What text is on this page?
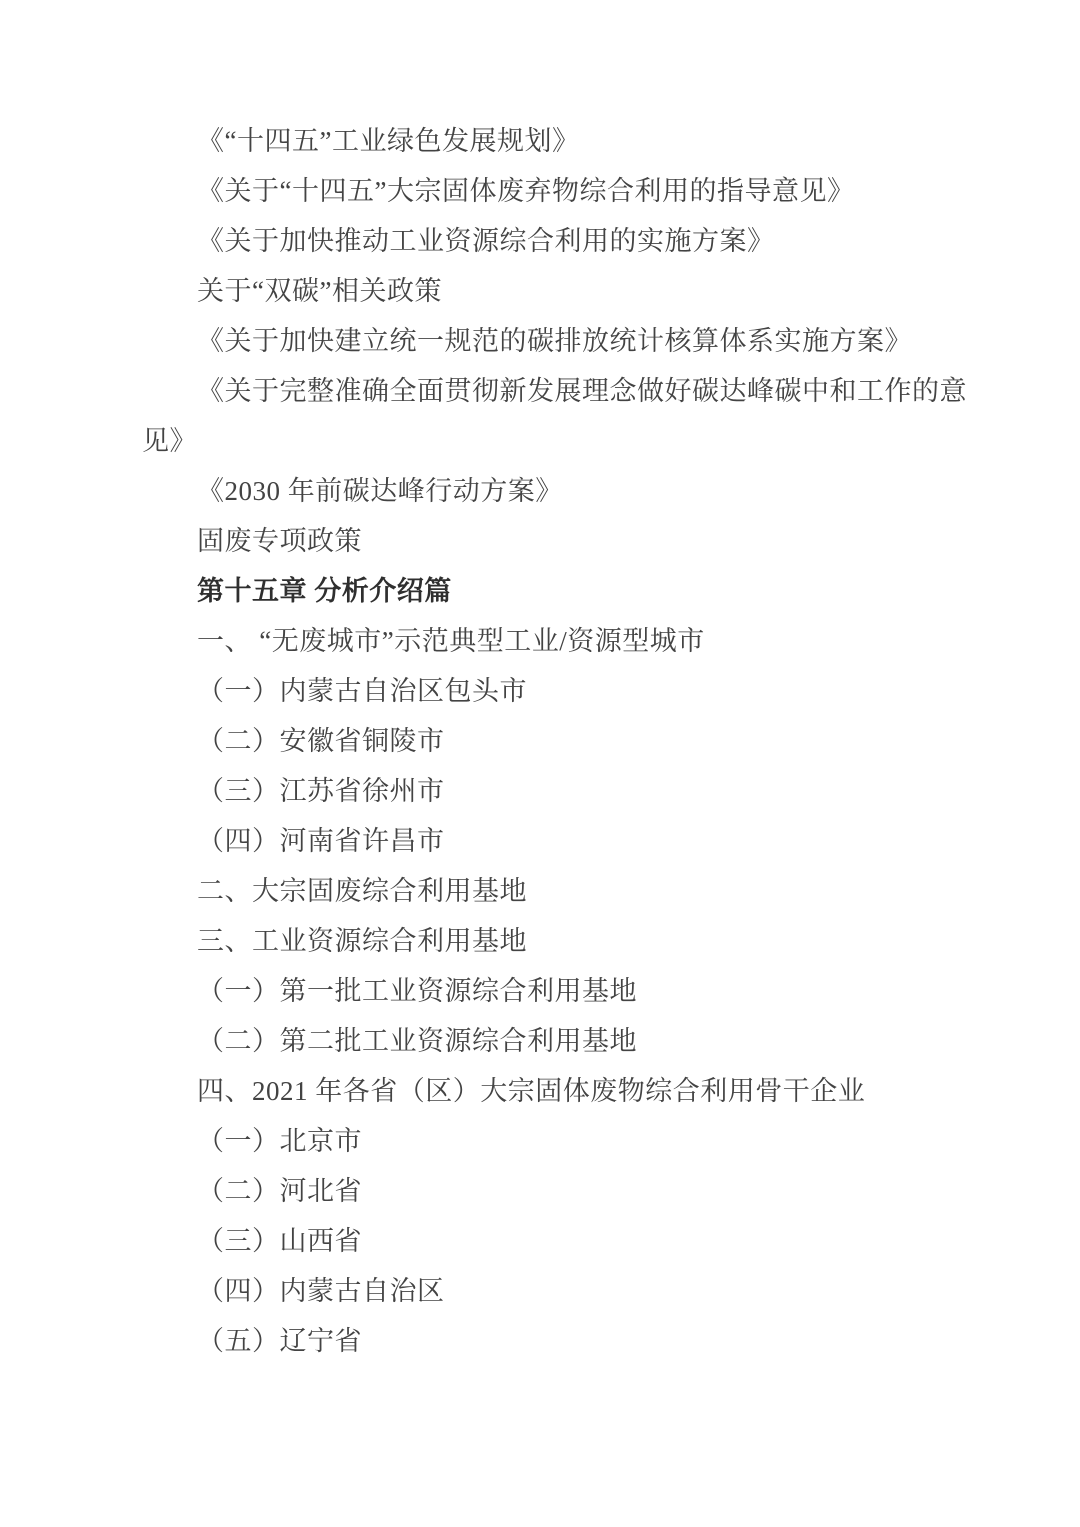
《“十四五”工业绿色发展规划》
《关于“十四五”大宗固体废弃物综合利用的指导意见》
《关于加快推动工业资源综合利用的实施方案》
关于“双碳”相关政策
《关于加快建立统一规范的碳排放统计核算体系实施方案》
《关于完整准确全面贯彻新发展理念做好碳达峰碳中和工作的意
见》
《2030 年前碳达峰行动方案》
固废专项政策
第十五章 分析介绍篇
一、 “无废城市”示范典型工业/资源型城市
（一）内蒙古自治区包头市
（二）安徽省铜陵市
（三）江苏省徐州市
（四）河南省许昌市
二、大宗固废综合利用基地
三、工业资源综合利用基地
（一）第一批工业资源综合利用基地
（二）第二批工业资源综合利用基地
四、2021 年各省（区）大宗固体废物综合利用骨干企业
（一）北京市
（二）河北省
（三）山西省
（四）内蒙古自治区
（五）辽宁省
